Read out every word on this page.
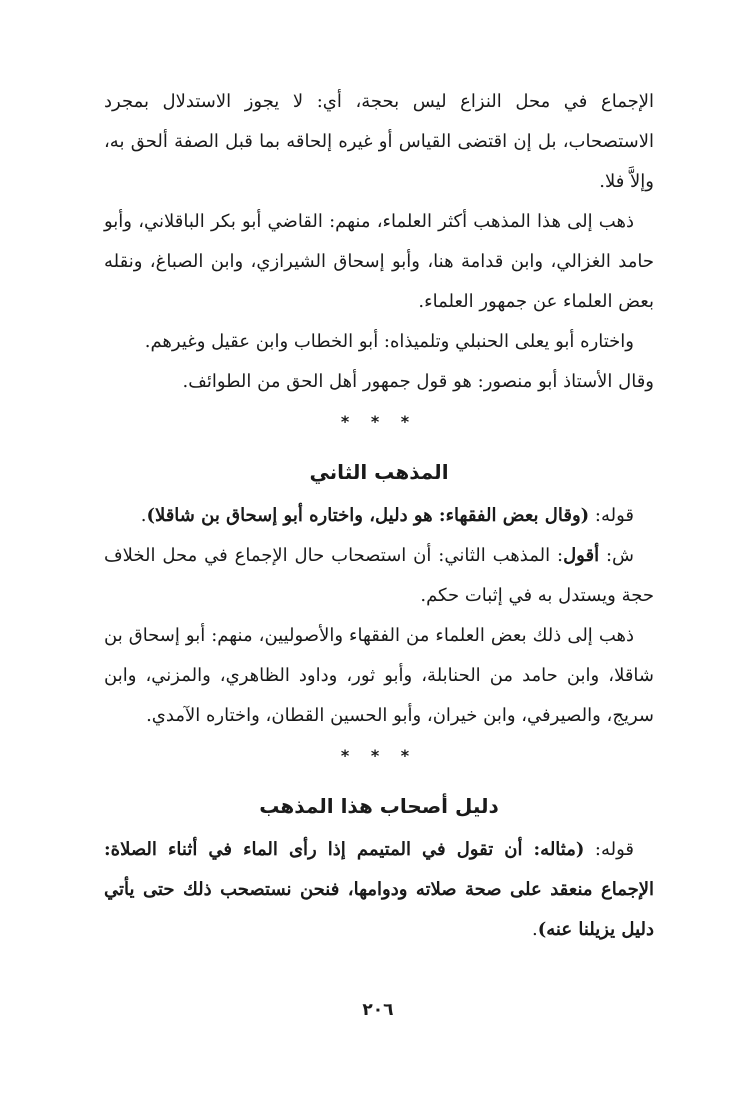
الإجماع في محل النزاع ليس بحجة، أي: لا يجوز الاستدلال بمجرد الاستصحاب، بل إن اقتضى القياس أو غيره إلحاقه بما قبل الصفة ألحق به، وإلاَّ فلا.

ذهب إلى هذا المذهب أكثر العلماء، منهم: القاضي أبو بكر الباقلاني، وأبو حامد الغزالي، وابن قدامة هنا، وأبو إسحاق الشيرازي، وابن الصباغ، ونقله بعض العلماء عن جمهور العلماء.

واختاره أبو يعلى الحنبلي وتلميذاه: أبو الخطاب وابن عقيل وغيرهم.

وقال الأستاذ أبو منصور: هو قول جمهور أهل الحق من الطوائف.

* * *

المذهب الثاني

قوله: (وقال بعض الفقهاء: هو دليل، واختاره أبو إسحاق بن شاقلا).

ش: أقول: المذهب الثاني: أن استصحاب حال الإجماع في محل الخلاف حجة ويستدل به في إثبات حكم.

ذهب إلى ذلك بعض العلماء من الفقهاء والأصوليين، منهم: أبو إسحاق بن شاقلا، وابن حامد من الحنابلة، وأبو ثور، وداود الظاهري، والمزني، وابن سريج، والصيرفي، وابن خيران، وأبو الحسين القطان، واختاره الآمدي.

* * *

دليل أصحاب هذا المذهب

قوله: (مثاله: أن تقول في المتيمم إذا رأى الماء في أثناء الصلاة: الإجماع منعقد على صحة صلاته ودوامها، فنحن نستصحب ذلك حتى يأتي دليل يزيلنا عنه).

٢٠٦
